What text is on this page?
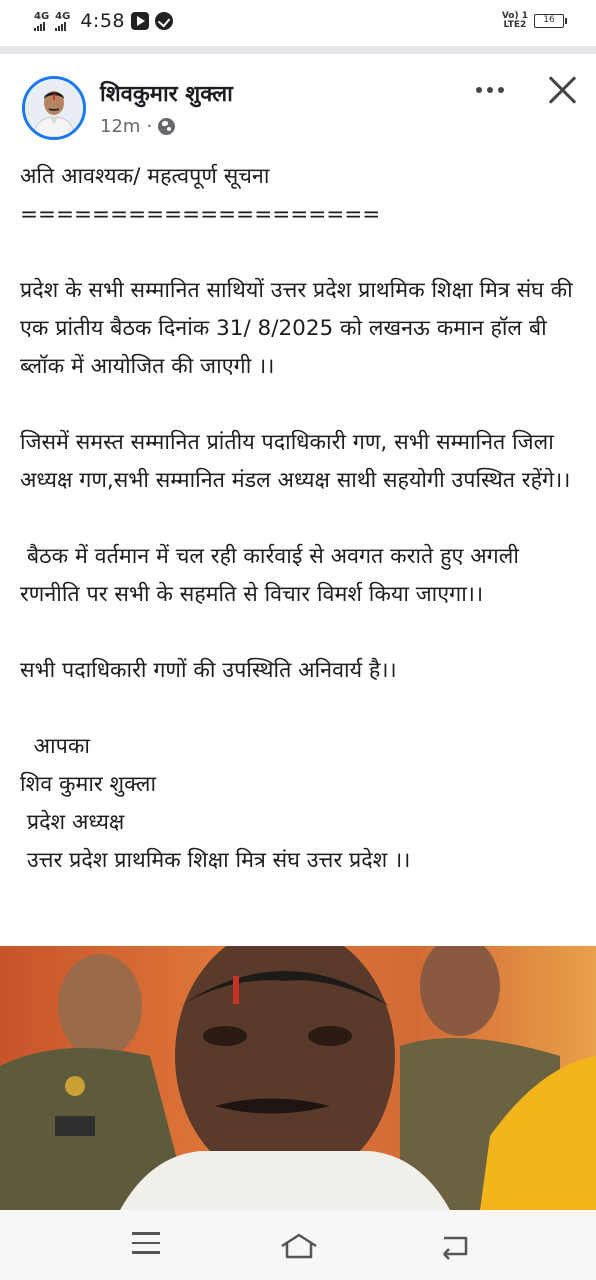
4G 4G 4:58	Vo) 1
LTE2	16
शिवकुमार शुक्ला
12m ·

अति आवश्यक/ महत्वपूर्ण सूचना
====================

प्रदेश के सभी सम्मानित साथियों उत्तर प्रदेश प्राथमिक शिक्षा मित्र संघ की एक प्रांतीय बैठक दिनांक 31/ 8/2025 को लखनऊ कमान हॉल बी ब्लॉक में आयोजित की जाएगी ।।

जिसमें समस्त सम्मानित प्रांतीय पदाधिकारी गण, सभी सम्मानित जिला अध्यक्ष गण,सभी सम्मानित मंडल अध्यक्ष साथी सहयोगी उपस्थित रहेंगे।।

बैठक में वर्तमान में चल रही कार्रवाई से अवगत कराते हुए अगली रणनीति पर सभी के सहमति से विचार विमर्श किया जाएगा।।

सभी पदाधिकारी गणों की उपस्थिति अनिवार्य है।।

आपका
शिव कुमार शुक्ला
प्रदेश अध्यक्ष
उत्तर प्रदेश प्राथमिक शिक्षा मित्र संघ उत्तर प्रदेश ।।
